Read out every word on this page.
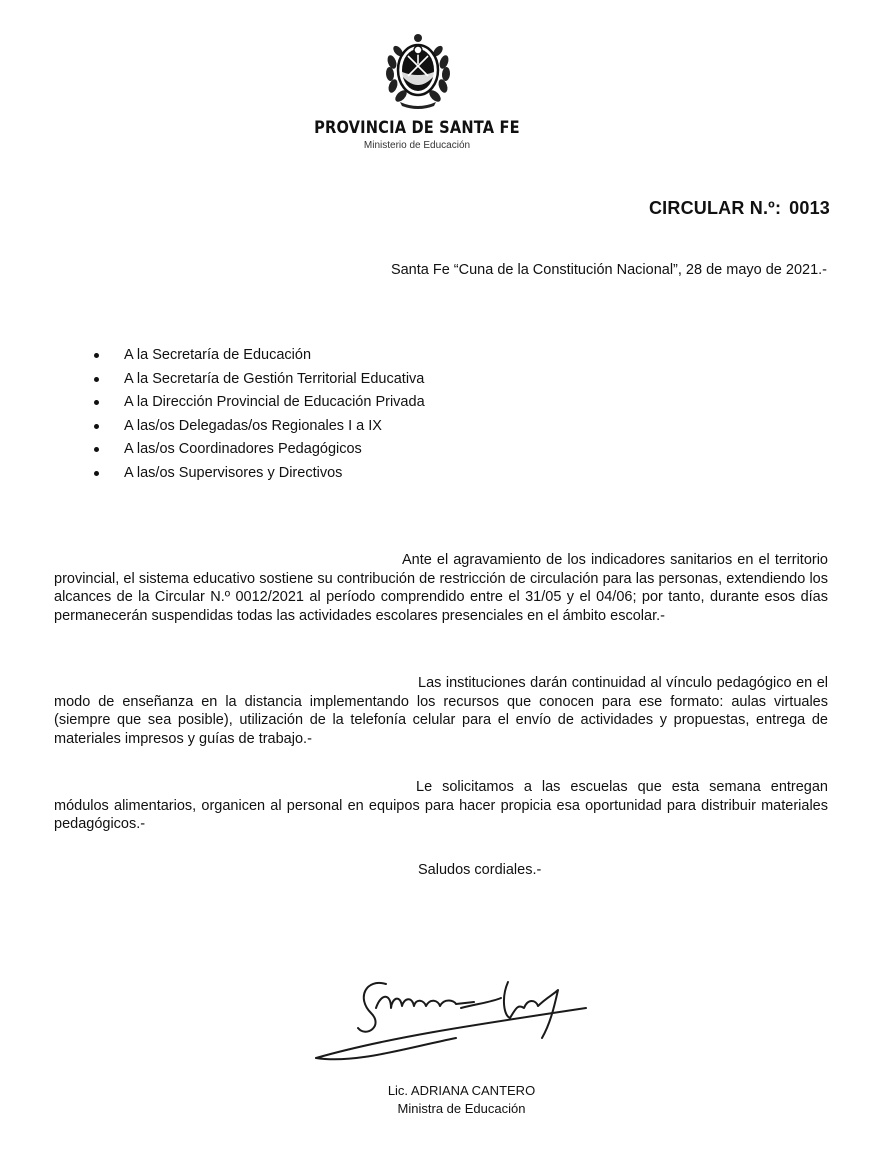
PROVINCIA DE SANTA FE
Ministerio de Educación
CIRCULAR N.º: 0013
Santa Fe “Cuna de la Constitución Nacional”, 28 de mayo de 2021.-
A la Secretaría de Educación
A la Secretaría de Gestión Territorial Educativa
A la Dirección Provincial de Educación Privada
A las/os Delegadas/os Regionales I a IX
A las/os Coordinadores Pedagógicos
A las/os Supervisores y Directivos

Ante el agravamiento de los indicadores sanitarios en el territorio provincial, el sistema educativo sostiene su contribución de restricción de circulación para las personas, extendiendo los alcances de la Circular N.º 0012/2021 al período comprendido entre el 31/05 y el 04/06; por tanto, durante esos días permanecerán suspendidas todas las actividades escolares presenciales en el ámbito escolar.-

Las instituciones darán continuidad al vínculo pedagógico en el modo de enseñanza en la distancia implementando los recursos que conocen para ese formato: aulas virtuales (siempre que sea posible), utilización de la telefonía celular para el envío de actividades y propuestas, entrega de materiales impresos y guías de trabajo.-

Le solicitamos a las escuelas que esta semana entregan módulos alimentarios, organicen al personal en equipos para hacer propicia esa oportunidad para distribuir materiales pedagógicos.-

Saludos cordiales.-
Lic. ADRIANA CANTERO
Ministra de Educación
